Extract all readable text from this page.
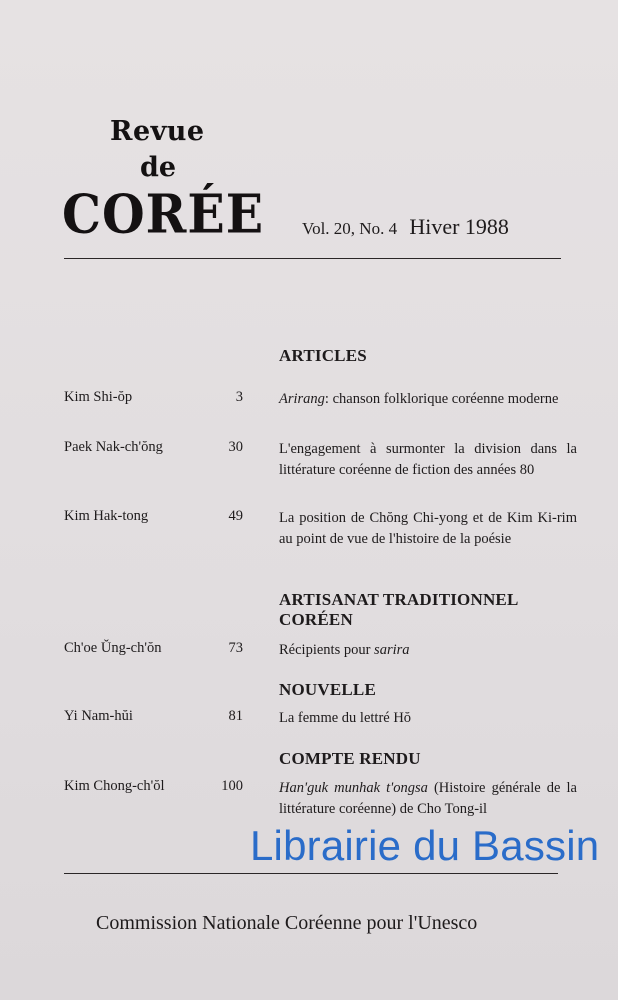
Revue
de
CORÉE Vol. 20, No. 4 Hiver 1988
ARTICLES
Kim Shi-ŏp	3 Arirang: chanson folklorique coréenne moderne
Paek Nak-ch'ŏng	30 L'engagement à surmonter la division dans la littérature coréenne de fiction des années 80
Kim Hak-tong	49 La position de Chŏng Chi-yong et de Kim Ki-rim au point de vue de l'histoire de la poésie
ARTISANAT TRADITIONNEL
CORÉEN
Ch'oe Ŭng-ch'ŏn	73 Récipients pour sarira
NOUVELLE
Yi Nam-hŭi	81 La femme du lettré Hŏ
COMPTE RENDU
Kim Chong-ch'ŏl	100 Han'guk munhak t'ongsa (Histoire générale de la littérature coréenne) de Cho Tong-il
Librairie du Bassin
Commission Nationale Coréenne pour l'Unesco
